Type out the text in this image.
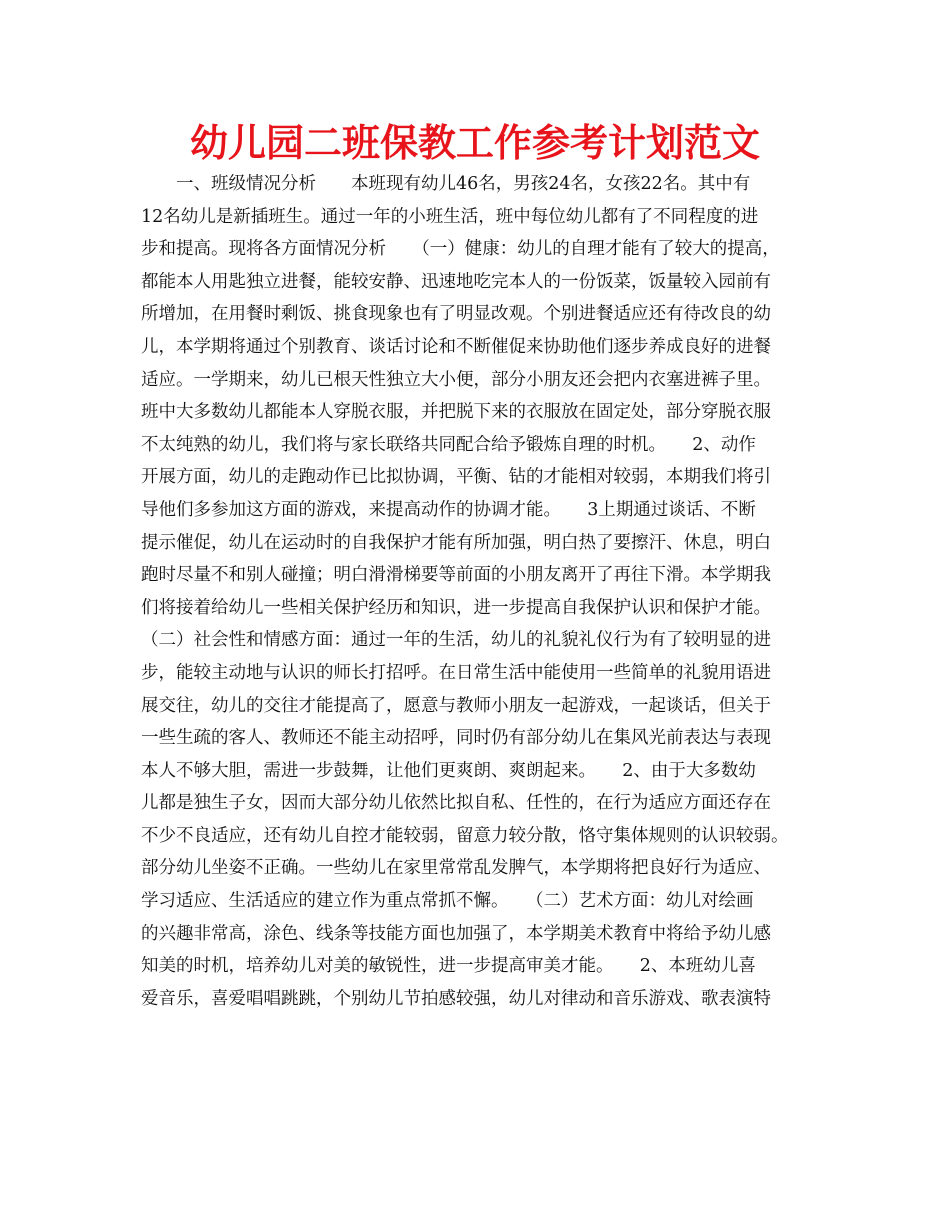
幼儿园二班保教工作参考计划范文
　　一、班级情况分析　　本班现有幼儿46名，男孩24名，女孩22名。其中有
12名幼儿是新插班生。通过一年的小班生活，班中每位幼儿都有了不同程度的进
步和提高。现将各方面情况分析　　（一）健康：幼儿的自理才能有了较大的提高，
都能本人用匙独立进餐，能较安静、迅速地吃完本人的一份饭菜，饭量较入园前有
所增加，在用餐时剩饭、挑食现象也有了明显改观。个别进餐适应还有待改良的幼
儿，本学期将通过个别教育、谈话讨论和不断催促来协助他们逐步养成良好的进餐
适应。一学期来，幼儿已根天性独立大小便，部分小朋友还会把内衣塞进裤子里。
班中大多数幼儿都能本人穿脱衣服，并把脱下来的衣服放在固定处，部分穿脱衣服
不太纯熟的幼儿，我们将与家长联络共同配合给予锻炼自理的时机。　　2、动作
开展方面，幼儿的走跑动作已比拟协调，平衡、钻的才能相对较弱，本期我们将引
导他们多参加这方面的游戏，来提高动作的协调才能。　　3上期通过谈话、不断
提示催促，幼儿在运动时的自我保护才能有所加强，明白热了要擦汗、休息，明白
跑时尽量不和别人碰撞；明白滑滑梯要等前面的小朋友离开了再往下滑。本学期我
们将接着给幼儿一些相关保护经历和知识，进一步提高自我保护认识和保护才能。
（二）社会性和情感方面：通过一年的生活，幼儿的礼貌礼仪行为有了较明显的进
步，能较主动地与认识的师长打招呼。在日常生活中能使用一些简单的礼貌用语进
展交往，幼儿的交往才能提高了，愿意与教师小朋友一起游戏，一起谈话，但关于
一些生疏的客人、教师还不能主动招呼，同时仍有部分幼儿在集风光前表达与表现
本人不够大胆，需进一步鼓舞，让他们更爽朗、爽朗起来。　　2、由于大多数幼
儿都是独生子女，因而大部分幼儿依然比拟自私、任性的，在行为适应方面还存在
不少不良适应，还有幼儿自控才能较弱，留意力较分散，恪守集体规则的认识较弱。
部分幼儿坐姿不正确。一些幼儿在家里常常乱发脾气，本学期将把良好行为适应、
学习适应、生活适应的建立作为重点常抓不懈。　　（二）艺术方面：幼儿对绘画
的兴趣非常高，涂色、线条等技能方面也加强了，本学期美术教育中将给予幼儿感
知美的时机，培养幼儿对美的敏锐性，进一步提高审美才能。　　2、本班幼儿喜
爱音乐，喜爱唱唱跳跳，个别幼儿节拍感较强，幼儿对律动和音乐游戏、歌表演特
